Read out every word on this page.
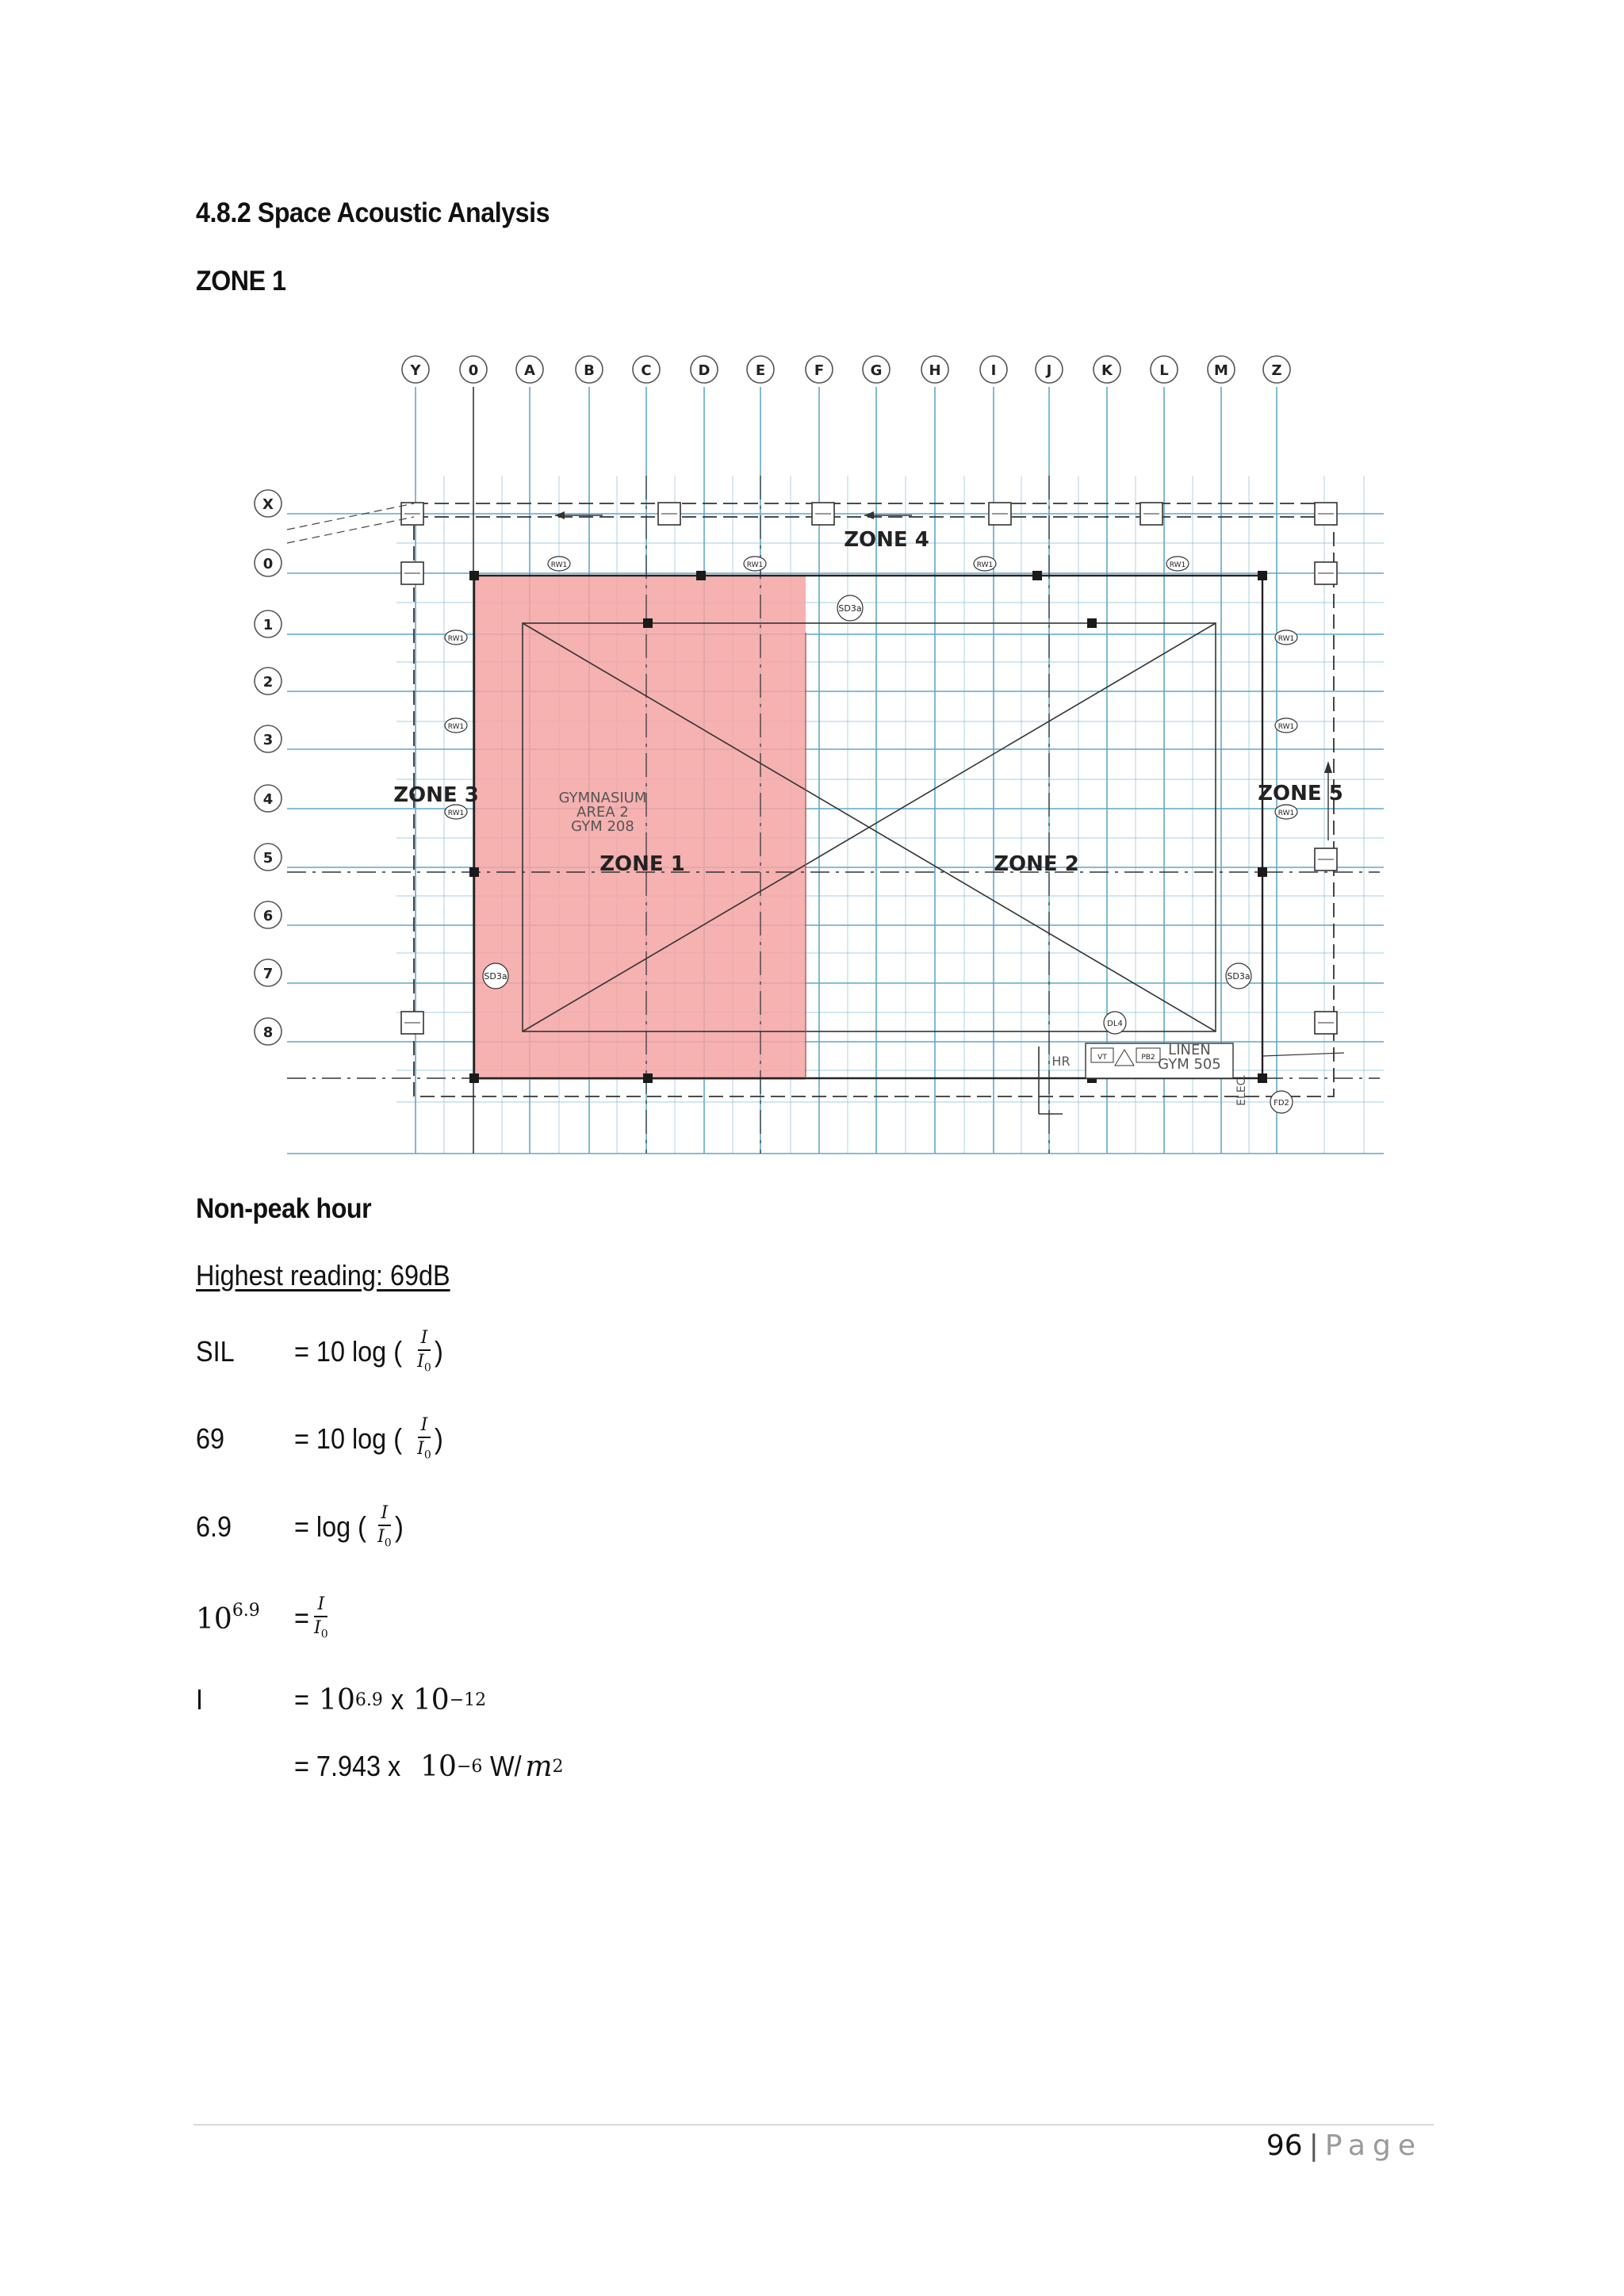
4.8.2 Space Acoustic Analysis
ZONE 1
Y	0	A	B	C	D	E	F	G	H	I	J	K	L	M	Z
X
0
1
2
3
4
5
6
7
8
RW1	RW1	RW1	RW1
RW1
RW1
RW1
RW1
RW1
RW1
SD3a
SD3a	SD3a
DL4
FD2
ZONE 4
ZONE 1	ZONE 2
ZONE 3	ZONE 5
GYMNASIUM
AREA 2
GYM 208
VT	PB2
HR
LINEN
GYM 505
ELEC.
Non-peak hour
Highest reading: 69dB
SIL = 10 log ( $\frac{I}{I_0}$ )
69 = 10 log ( $\frac{I}{I_0}$ )
6.9 = log ( $\frac{I}{I_0}$ )
$10^{6.9} = \frac{I}{I_0}$
I	=
10 6.9
x
10 −12
= 7.943 x
10 −6
W/ m 2
96 | Page
